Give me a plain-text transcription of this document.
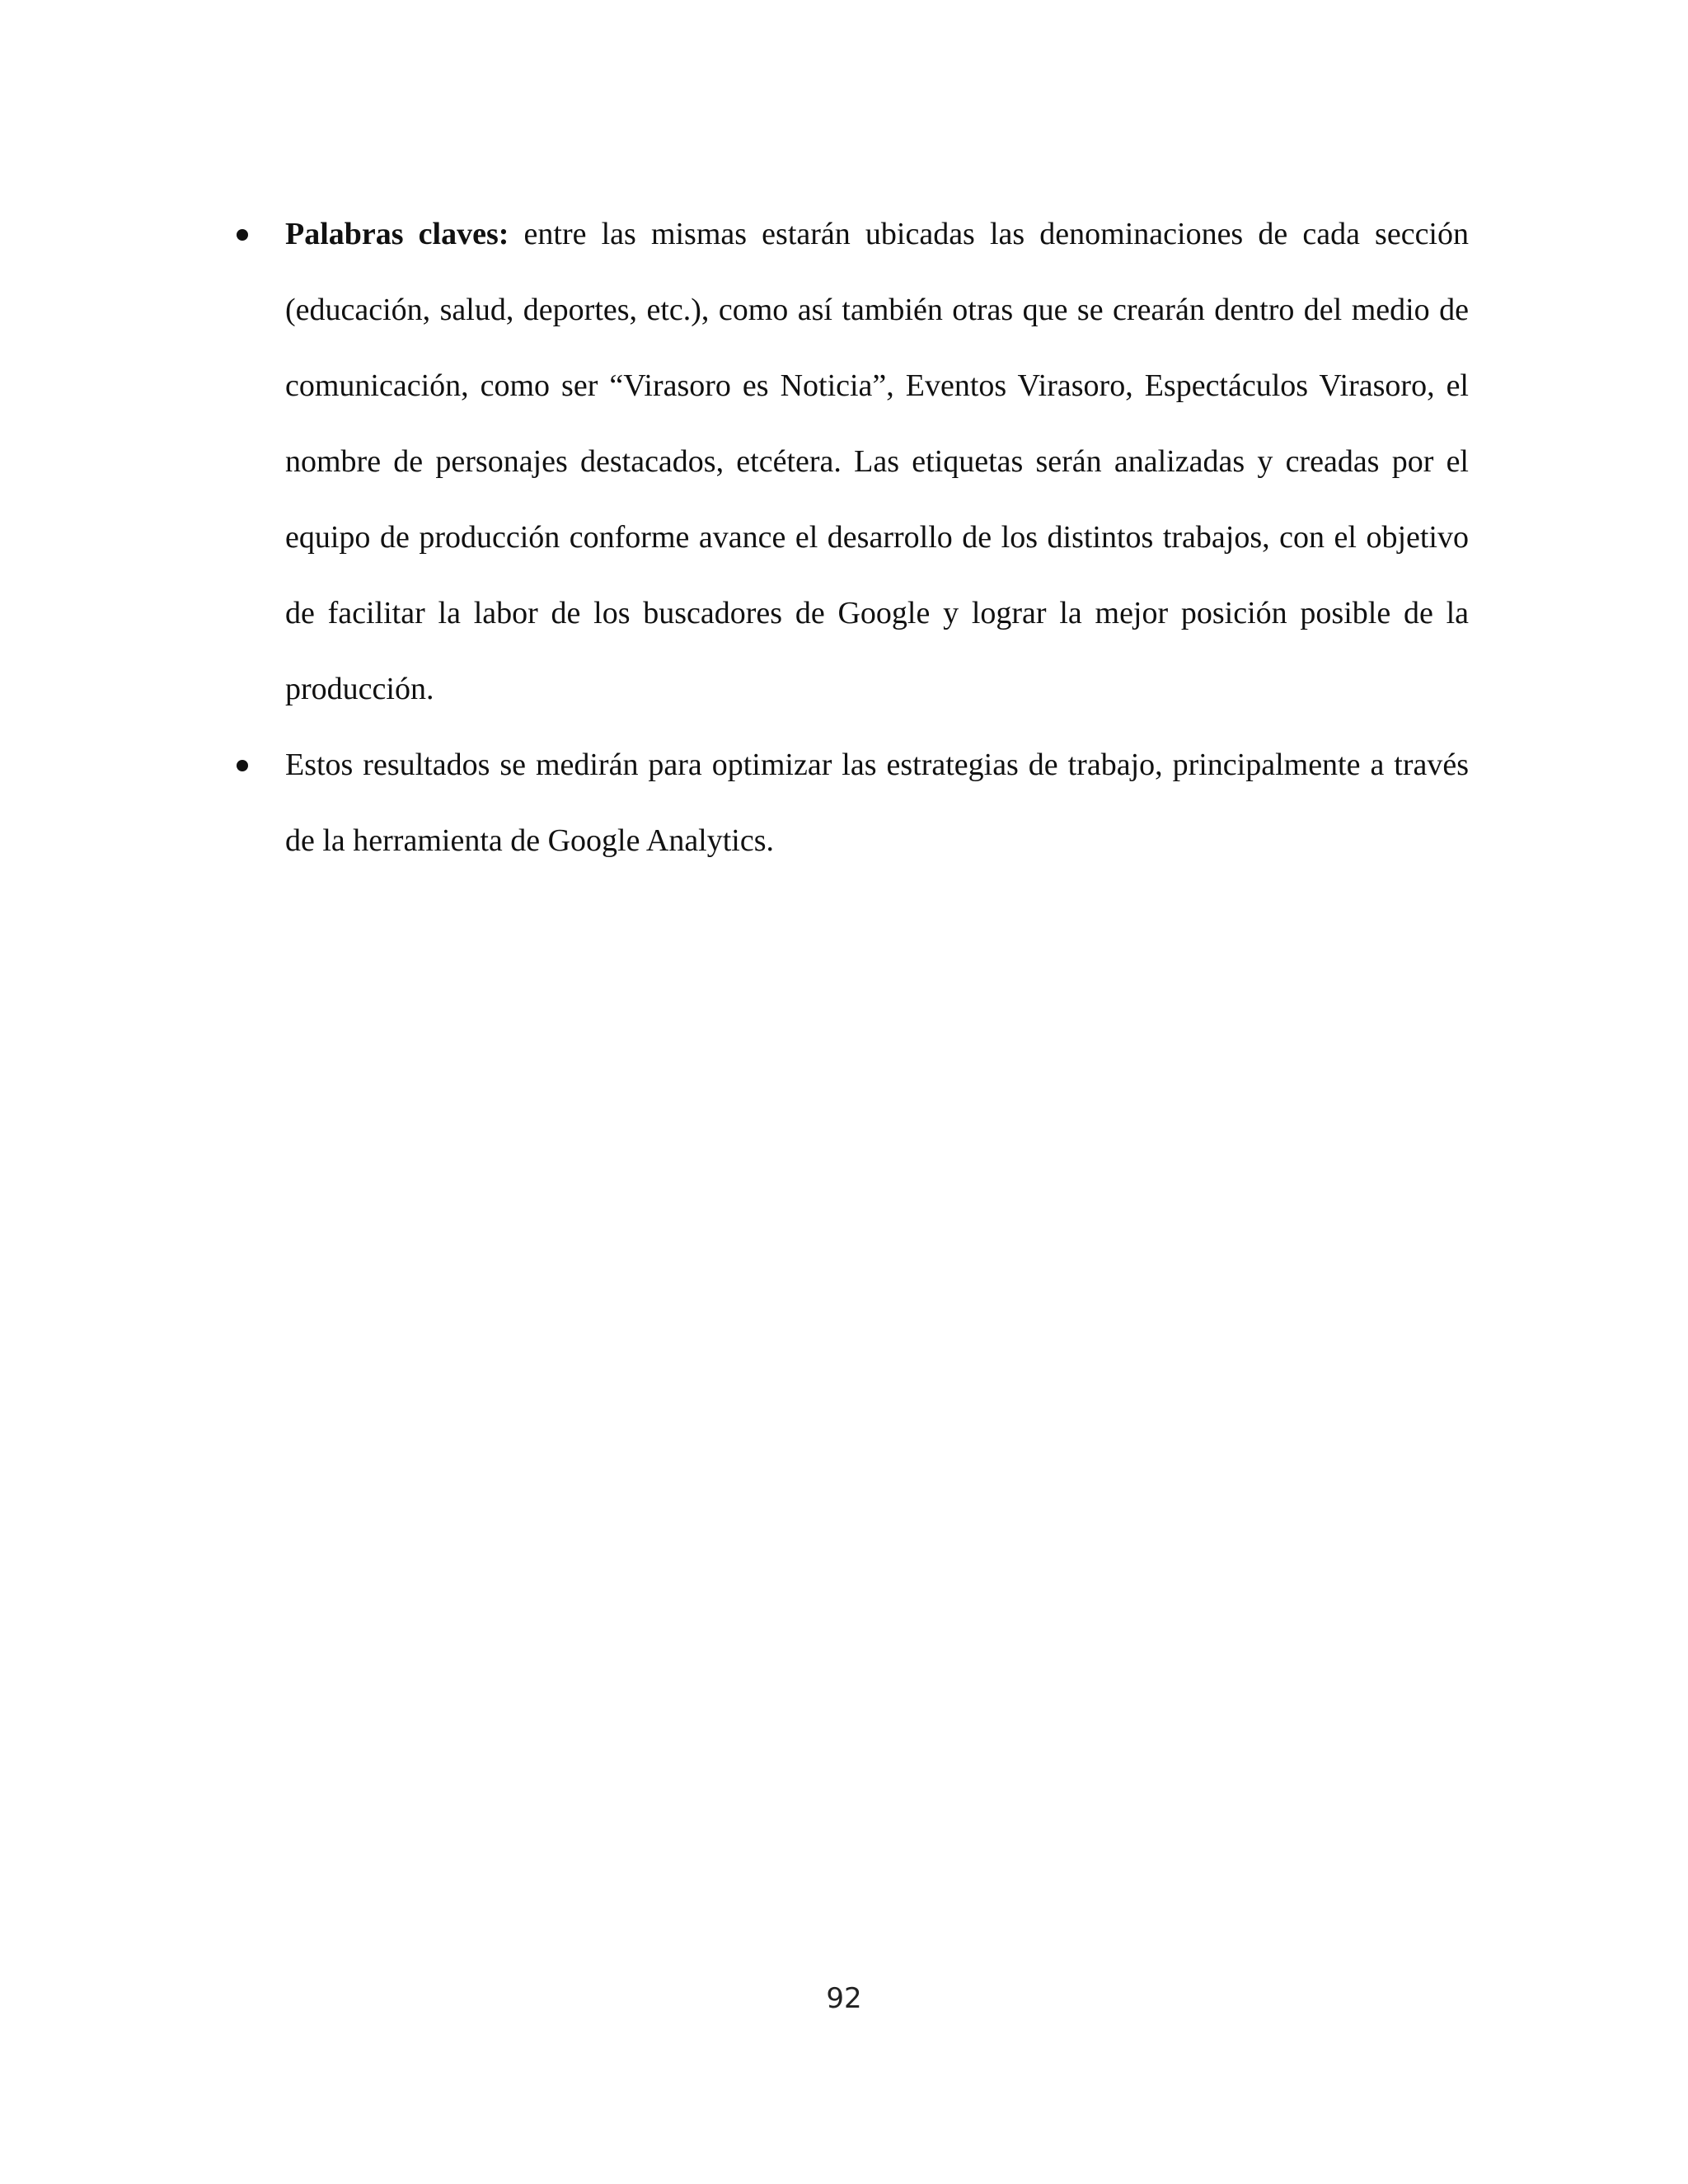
Palabras claves: entre las mismas estarán ubicadas las denominaciones de cada sección (educación, salud, deportes, etc.), como así también otras que se crearán dentro del medio de comunicación, como ser “Virasoro es Noticia”, Eventos Virasoro, Espectáculos Virasoro, el nombre de personajes destacados, etcétera. Las etiquetas serán analizadas y creadas por el equipo de producción conforme avance el desarrollo de los distintos trabajos, con el objetivo de facilitar la labor de los buscadores de Google y lograr la mejor posición posible de la producción.
Estos resultados se medirán para optimizar las estrategias de trabajo, principalmente a través de la herramienta de Google Analytics.
92
